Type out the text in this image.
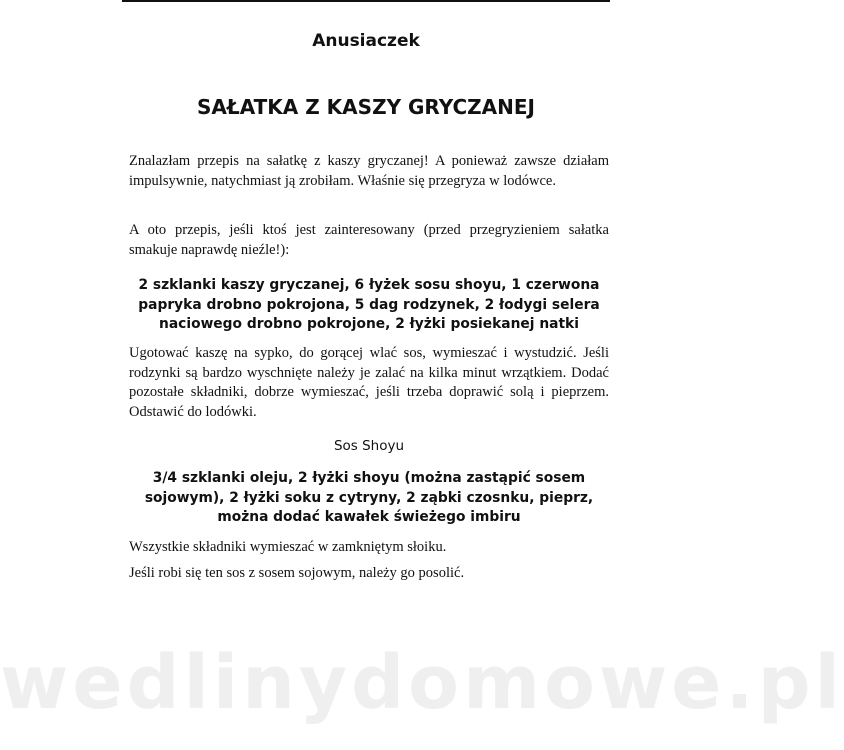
Anusiaczek
SAŁATKA Z KASZY GRYCZANEJ
Znalazłam przepis na sałatkę z kaszy gryczanej! A ponieważ zawsze działam impulsywnie, natychmiast ją zrobiłam. Właśnie się przegryza w lodówce.
A oto przepis, jeśli ktoś jest zainteresowany (przed przegryzieniem sałatka smakuje naprawdę nieźle!):
2 szklanki kaszy gryczanej, 6 łyżek sosu shoyu, 1 czerwona papryka drobno pokrojona, 5 dag rodzynek, 2 łodygi selera naciowego drobno pokrojone, 2 łyżki posiekanej natki
Ugotować kaszę na sypko, do gorącej wlać sos, wymieszać i wystudzić. Jeśli rodzynki są bardzo wyschnięte należy je zalać na kilka minut wrzątkiem. Dodać pozostałe składniki, dobrze wymieszać, jeśli trzeba doprawić solą i pieprzem. Odstawić do lodówki.
Sos Shoyu
3/4 szklanki oleju, 2 łyżki shoyu (można zastąpić sosem sojowym), 2 łyżki soku z cytryny, 2 ząbki czosnku, pieprz, można dodać kawałek świeżego imbiru
Wszystkie składniki wymieszać w zamkniętym słoiku.
Jeśli robi się ten sos z sosem sojowym, należy go posolić.
wedlinydomowe.pl
